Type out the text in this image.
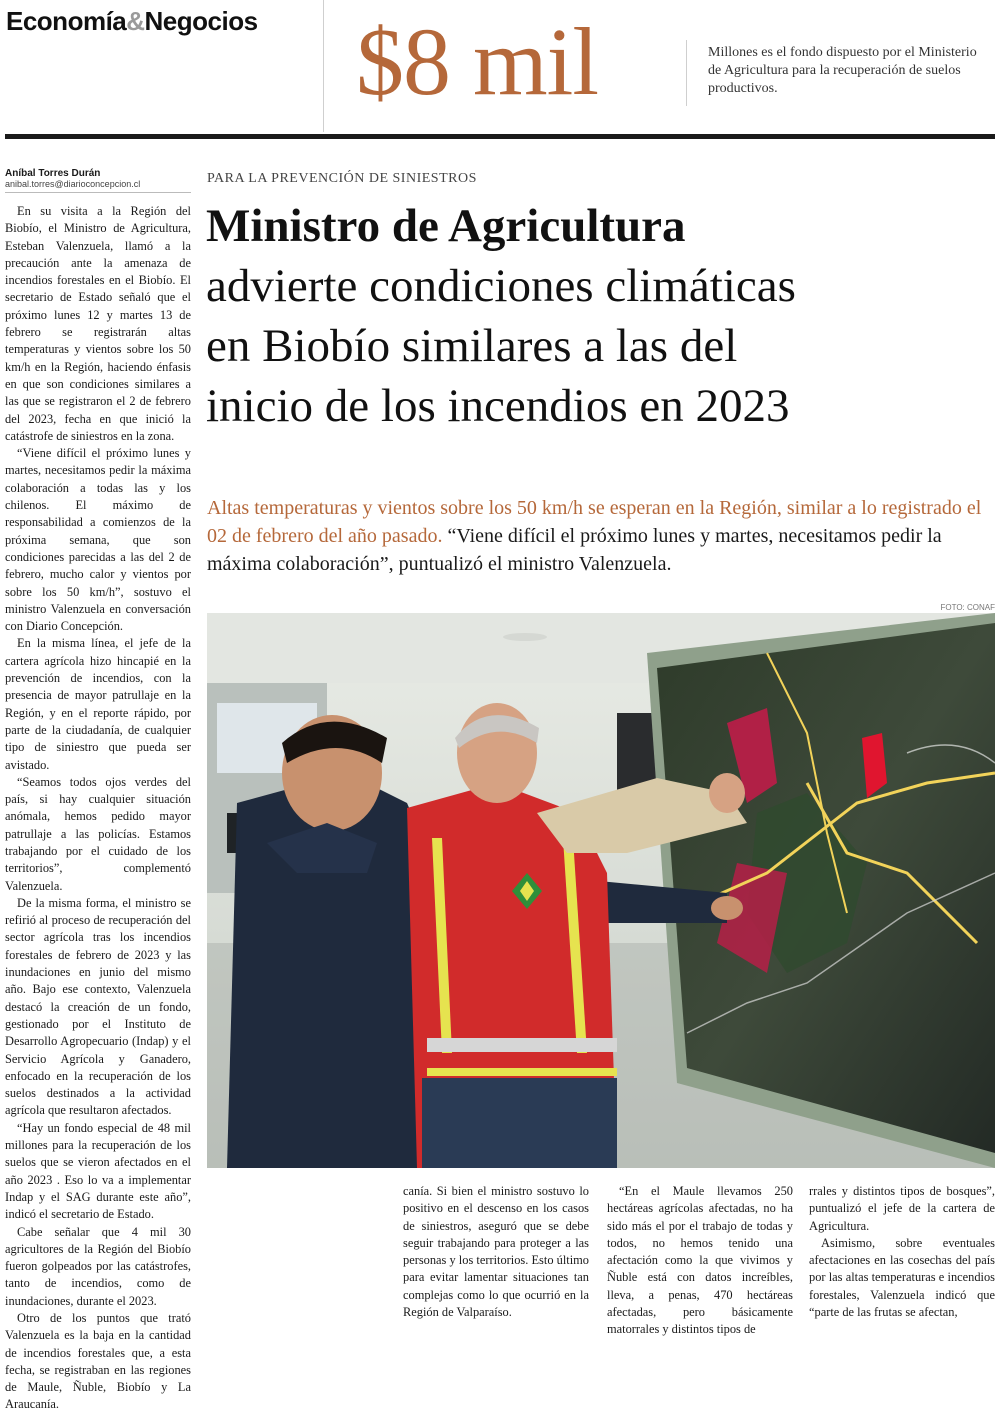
Economía&Negocios $8 mil	Millones es el fondo dispuesto por el Ministerio de Agricultura para la recuperación de suelos productivos.
Aníbal Torres Durán
anibal.torres@diarioconcepcion.cl

En su visita a la Región del Biobío, el Ministro de Agricultura, Esteban Valenzuela, llamó a la precaución ante la amenaza de incendios forestales en el Biobío. El secretario de Estado señaló que el próximo lunes 12 y martes 13 de febrero se registrarán altas temperaturas y vientos sobre los 50 km/h en la Región, haciendo énfasis en que son condiciones similares a las que se registraron el 2 de febrero del 2023, fecha en que inició la catástrofe de siniestros en la zona.

“Viene difícil el próximo lunes y martes, necesitamos pedir la máxima colaboración a todas las y los chilenos. El máximo de responsabilidad a comienzos de la próxima semana, que son condiciones parecidas a las del 2 de febrero, mucho calor y vientos por sobre los 50 km/h”, sostuvo el ministro Valenzuela en conversación con Diario Concepción.

En la misma línea, el jefe de la cartera agrícola hizo hincapié en la prevención de incendios, con la presencia de mayor patrullaje en la Región, y en el reporte rápido, por parte de la ciudadanía, de cualquier tipo de siniestro que pueda ser avistado.

“Seamos todos ojos verdes del país, si hay cualquier situación anómala, hemos pedido mayor patrullaje a las policías. Estamos trabajando por el cuidado de los territorios”, complementó Valenzuela.

De la misma forma, el ministro se refirió al proceso de recuperación del sector agrícola tras los incendios forestales de febrero de 2023 y las inundaciones en junio del mismo año. Bajo ese contexto, Valenzuela destacó la creación de un fondo, gestionado por el Instituto de Desarrollo Agropecuario (Indap) y el Servicio Agrícola y Ganadero, enfocado en la recuperación de los suelos destinados a la actividad agrícola que resultaron afectados.

“Hay un fondo especial de 48 mil millones para la recuperación de los suelos que se vieron afectados en el año 2023 . Eso lo va a implementar Indap y el SAG durante este año”, indicó el secretario de Estado.

Cabe señalar que 4 mil 30 agricultores de la Región del Biobío fueron golpeados por las catástrofes, tanto de incendios, como de inundaciones, durante el 2023.

Otro de los puntos que trató Valenzuela es la baja en la cantidad de incendios forestales que, a esta fecha, se registraban en las regiones de Maule, Ñuble, Biobío y La Araucanía.

PARA LA PREVENCIÓN DE SINIESTROS
Ministro de Agricultura
advierte condiciones climáticas
en Biobío similares a las del
inicio de los incendios en 2023
Altas temperaturas y vientos sobre los 50 km/h se esperan en la Región, similar a lo registrado el 02 de febrero del año pasado. “Viene difícil el próximo lunes y martes, necesitamos pedir la máxima colaboración”, puntualizó el ministro Valenzuela.
FOTO: CONAF

canía. Si bien el ministro sostuvo lo positivo en el descenso en los casos de siniestros, aseguró que se debe seguir trabajando para proteger a las personas y los territorios. Esto último para evitar lamentar situaciones tan complejas como lo que ocurrió en la Región de Valparaíso.

“En el Maule llevamos 250 hectáreas agrícolas afectadas, no ha sido más el por el trabajo de todas y todos, no hemos tenido una afectación como la que vivimos y Ñuble está con datos increíbles, lleva, a penas, 470 hectáreas afectadas, pero básicamente matorrales y distintos tipos de

rrales y distintos tipos de bosques”, puntualizó el jefe de la cartera de Agricultura.

Asimismo, sobre eventuales afectaciones en las cosechas del país por las altas temperaturas e incendios forestales, Valenzuela indicó que “parte de las frutas se afectan,
